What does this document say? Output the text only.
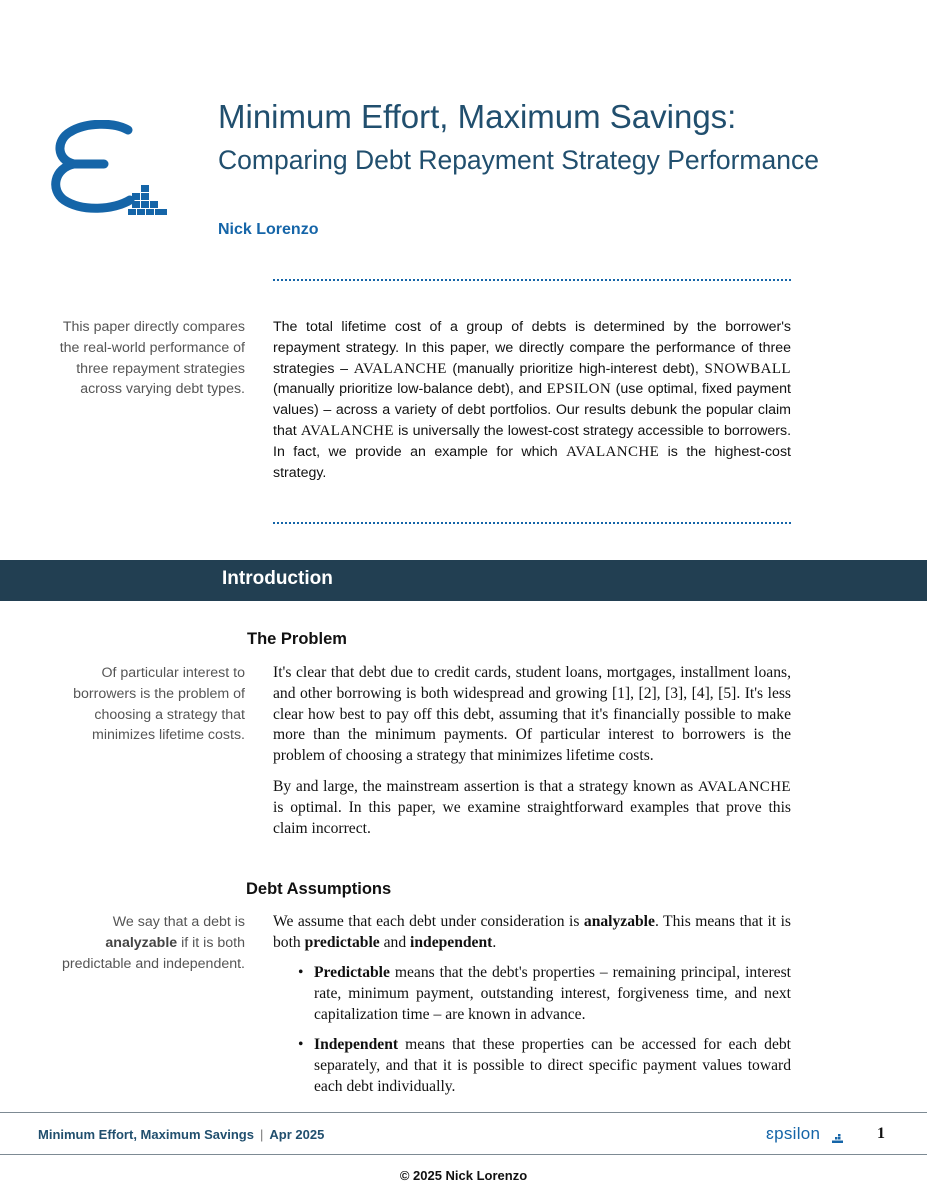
Minimum Effort, Maximum Savings:
Comparing Debt Repayment Strategy Performance
Nick Lorenzo
This paper directly compares the real-world performance of three repayment strategies across varying debt types.
The total lifetime cost of a group of debts is determined by the borrower's repayment strategy. In this paper, we directly compare the performance of three strategies – AVALANCHE (manually prioritize high-interest debt), SNOWBALL (manually prioritize low-balance debt), and EPSILON (use optimal, fixed payment values) – across a variety of debt portfolios. Our results debunk the popular claim that AVALANCHE is universally the lowest-cost strategy accessible to borrowers. In fact, we provide an example for which AVALANCHE is the highest-cost strategy.
Introduction
The Problem
Of particular interest to borrowers is the problem of choosing a strategy that minimizes lifetime costs.

It's clear that debt due to credit cards, student loans, mortgages, installment loans, and other borrowing is both widespread and growing [1], [2], [3], [4], [5]. It's less clear how best to pay off this debt, assuming that it's financially possible to make more than the minimum payments. Of particular interest to borrowers is the problem of choosing a strategy that minimizes lifetime costs.

By and large, the mainstream assertion is that a strategy known as AVALANCHE is optimal. In this paper, we examine straightforward examples that prove this claim incorrect.

Debt Assumptions
We say that a debt is analyzable if it is both predictable and independent.

We assume that each debt under consideration is analyzable. This means that it is both predictable and independent.

• Predictable means that the debt's properties – remaining principal, interest rate, minimum payment, outstanding interest, forgiveness time, and next capitalization time – are known in advance.
• Independent means that these properties can be accessed for each debt separately, and that it is possible to direct specific payment values toward each debt individually.
Minimum Effort, Maximum Savings | Apr 2025	ɛpsilon	1
© 2025 Nick Lorenzo
